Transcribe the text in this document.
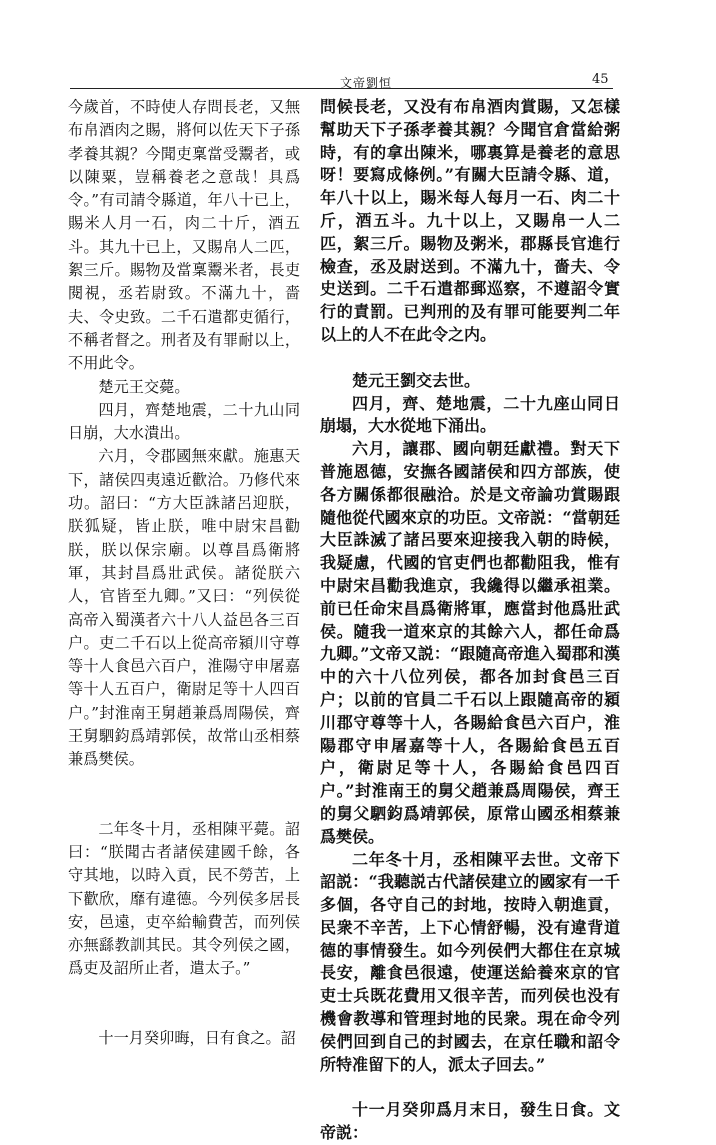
文帝劉恒	45

今歲首，不時使人存問長老，又無布帛酒肉之賜，將何以佐天下子孫孝養其親？今聞吏稟當受鬻者，或以陳粟，豈稱養老之意哉！具爲令。”有司請令縣道，年八十已上，賜米人月一石，肉二十斤，酒五斗。其九十已上，又賜帛人二匹，絮三斤。賜物及當稟鬻米者，長吏閱視，丞若尉致。不滿九十，嗇夫、令史致。二千石遣都吏循行，不稱者督之。刑者及有罪耐以上，不用此令。

楚元王交薨。

四月，齊楚地震，二十九山同日崩，大水潰出。

六月，令郡國無來獻。施惠天下，諸侯四夷遠近歡洽。乃修代來功。詔曰：“方大臣誅諸呂迎朕，朕狐疑，皆止朕，唯中尉宋昌勸朕，朕以保宗廟。以尊昌爲衛將軍，其封昌爲壯武侯。諸從朕六人，官皆至九卿。”又曰：“列侯從高帝入蜀漢者六十八人益邑各三百户。吏二千石以上從高帝潁川守尊等十人食邑六百户，淮陽守申屠嘉等十人五百户，衛尉足等十人四百户。”封淮南王舅趙兼爲周陽侯，齊王舅駟鈞爲靖郭侯，故常山丞相蔡兼爲樊侯。

二年冬十月，丞相陳平薨。詔曰：“朕聞古者諸侯建國千餘，各守其地，以時入貢，民不勞苦，上下歡欣，靡有違德。今列侯多居長安，邑遠，吏卒給輸費苦，而列侯亦無繇教訓其民。其令列侯之國，爲吏及詔所止者，遣太子。”

十一月癸卯晦，日有食之。詔

問候長老，又没有布帛酒肉賞賜，又怎樣幫助天下子孫孝養其親？今聞官倉當給粥時，有的拿出陳米，哪裏算是養老的意思呀！要寫成條例。”有關大臣請令縣、道，年八十以上，賜米每人每月一石、肉二十斤，酒五斗。九十以上，又賜帛一人二匹，絮三斤。賜物及粥米，郡縣長官進行檢查，丞及尉送到。不滿九十，嗇夫、令史送到。二千石遣都郵巡察，不遵詔令實行的責罰。已判刑的及有罪可能要判二年以上的人不在此令之内。

楚元王劉交去世。

四月，齊、楚地震，二十九座山同日崩塌，大水從地下涌出。

六月，讓郡、國向朝廷獻禮。對天下普施恩德，安撫各國諸侯和四方部族，使各方關係都很融洽。於是文帝論功賞賜跟隨他從代國來京的功臣。文帝説：“當朝廷大臣誅滅了諸呂要來迎接我入朝的時候，我疑慮，代國的官吏們也都勸阻我，惟有中尉宋昌勸我進京，我纔得以繼承祖業。前已任命宋昌爲衛將軍，應當封他爲壯武侯。隨我一道來京的其餘六人，都任命爲九卿。”文帝又説：“跟隨高帝進入蜀郡和漢中的六十八位列侯，都各加封食邑三百户；以前的官員二千石以上跟隨高帝的潁川郡守尊等十人，各賜給食邑六百户，淮陽郡守申屠嘉等十人，各賜給食邑五百户，衛尉足等十人，各賜給食邑四百户。”封淮南王的舅父趙兼爲周陽侯，齊王的舅父駟鈞爲靖郭侯，原常山國丞相蔡兼爲樊侯。

二年冬十月，丞相陳平去世。文帝下詔説：“我聽説古代諸侯建立的國家有一千多個，各守自己的封地，按時入朝進貢，民衆不辛苦，上下心情舒暢，没有違背道德的事情發生。如今列侯們大都住在京城長安，離食邑很遠，使運送給養來京的官吏士兵既花費用又很辛苦，而列侯也没有機會教導和管理封地的民衆。現在命令列侯們回到自己的封國去，在京任職和詔令所特准留下的人，派太子回去。”

十一月癸卯爲月末日，發生日食。文帝説：
